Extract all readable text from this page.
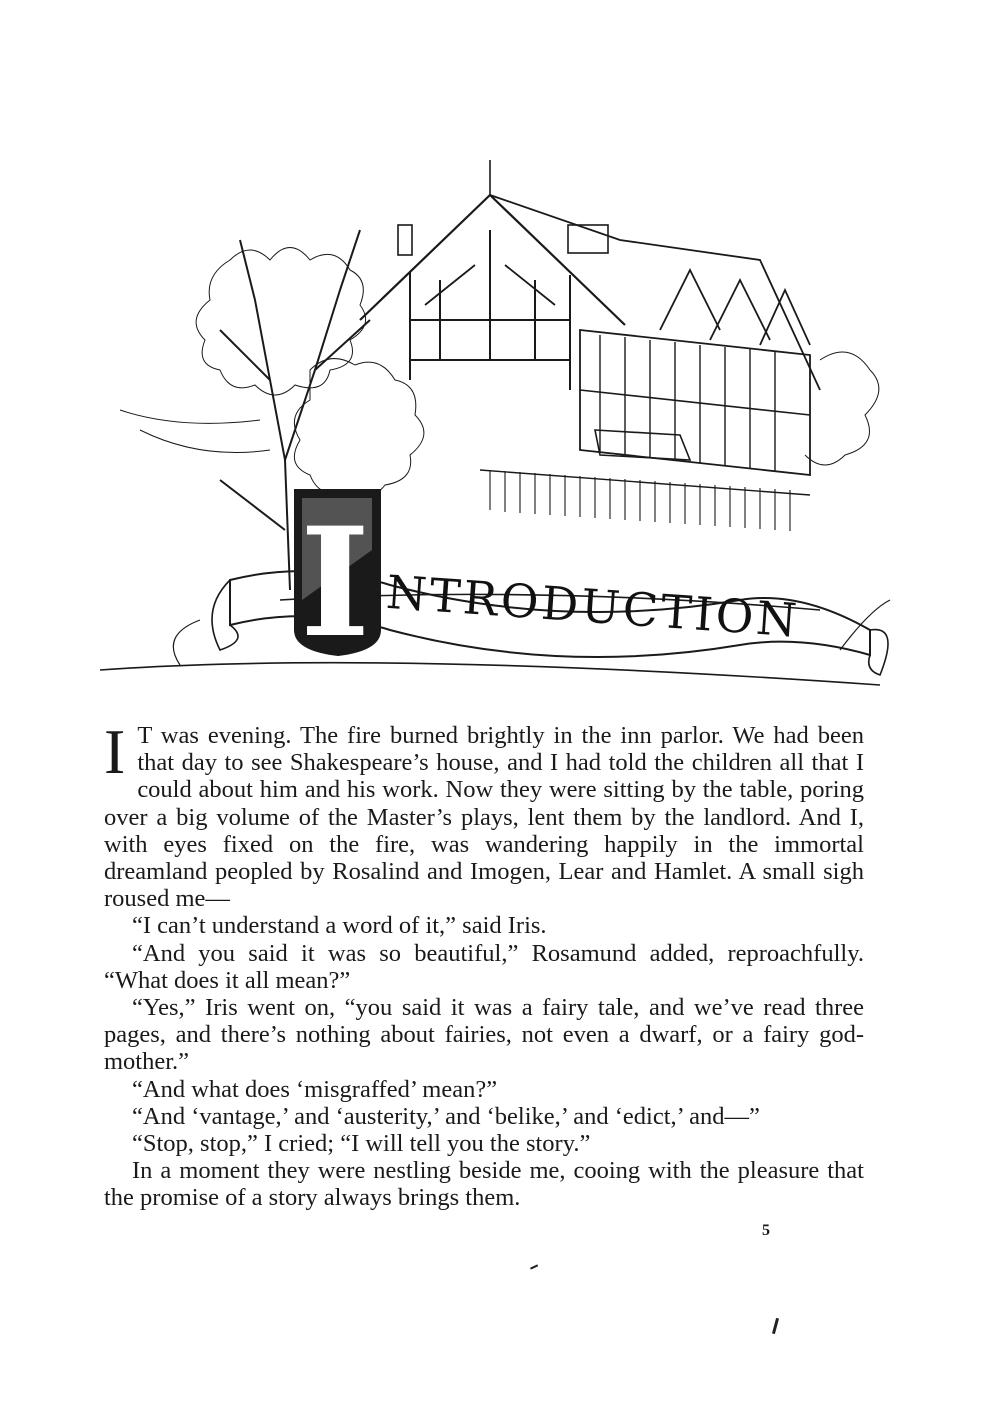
I NTRODUCTION

I T was evening. The fire burned brightly in the inn parlor. We had been that day to see Shakespeare’s house, and I had told the children all that I could about him and his work. Now they were sitting by the table, poring over a big volume of the Master’s plays, lent them by the landlord. And I, with eyes fixed on the fire, was wandering happily in the immortal dreamland peopled by Rosalind and Imogen, Lear and Hamlet. A small sigh roused me—

“I can’t understand a word of it,” said Iris.

“And you said it was so beautiful,” Rosamund added, reproachfully. “What does it all mean?”

“Yes,” Iris went on, “you said it was a fairy tale, and we’ve read three pages, and there’s nothing about fairies, not even a dwarf, or a fairy god-mother.”

“And what does ‘misgraffed’ mean?”

“And ‘vantage,’ and ‘austerity,’ and ‘belike,’ and ‘edict,’ and—”

“Stop, stop,” I cried; “I will tell you the story.”

In a moment they were nestling beside me, cooing with the pleasure that the promise of a story always brings them.

5
